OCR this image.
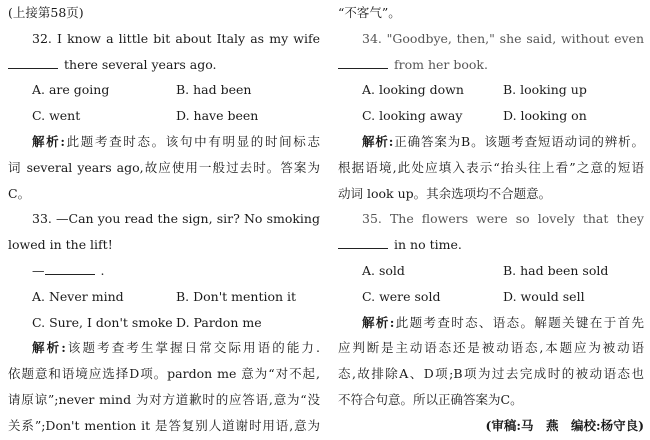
(上接第58页)
32. I know a little bit about Italy as my wife
there several years ago.
A. are going	B. had been
C. went	D. have been
解析:此题考查时态。该句中有明显的时间标志
词 several years ago,故应使用一般过去时。答案为
C。
33. —Can you read the sign, sir? No smoking
lowed in the lift!
—	.
A. Never mind	B. Don't mention it
C. Sure, I don't smoke D. Pardon me
解析:该题考查考生掌握日常交际用语的能力.
依题意和语境应选择D项。pardon me 意为“对不起,
请原谅”;never mind 为对方道歉时的应答语,意为“没
关系”;Don't mention it 是答复别人道谢时用语,意为
“不客气”。
34. "Goodbye, then," she said, without even
from her book.
A. looking down	B. looking up
C. looking away	D. looking on
解析:正确答案为B。该题考查短语动词的辨析。
根据语境,此处应填入表示“抬头往上看”之意的短语
动词 look up。其余选项均不合题意。
35. The flowers were so lovely that they
in no time.
A. sold	B. had been sold
C. were sold	D. would sell
解析:此题考查时态、语态。解题关键在于首先
应判断是主动语态还是被动语态,本题应为被动语
态,故排除A、D项;B项为过去完成时的被动语态也
不符合句意。所以正确答案为C。
(审稿:马　燕　编校:杨守良)
